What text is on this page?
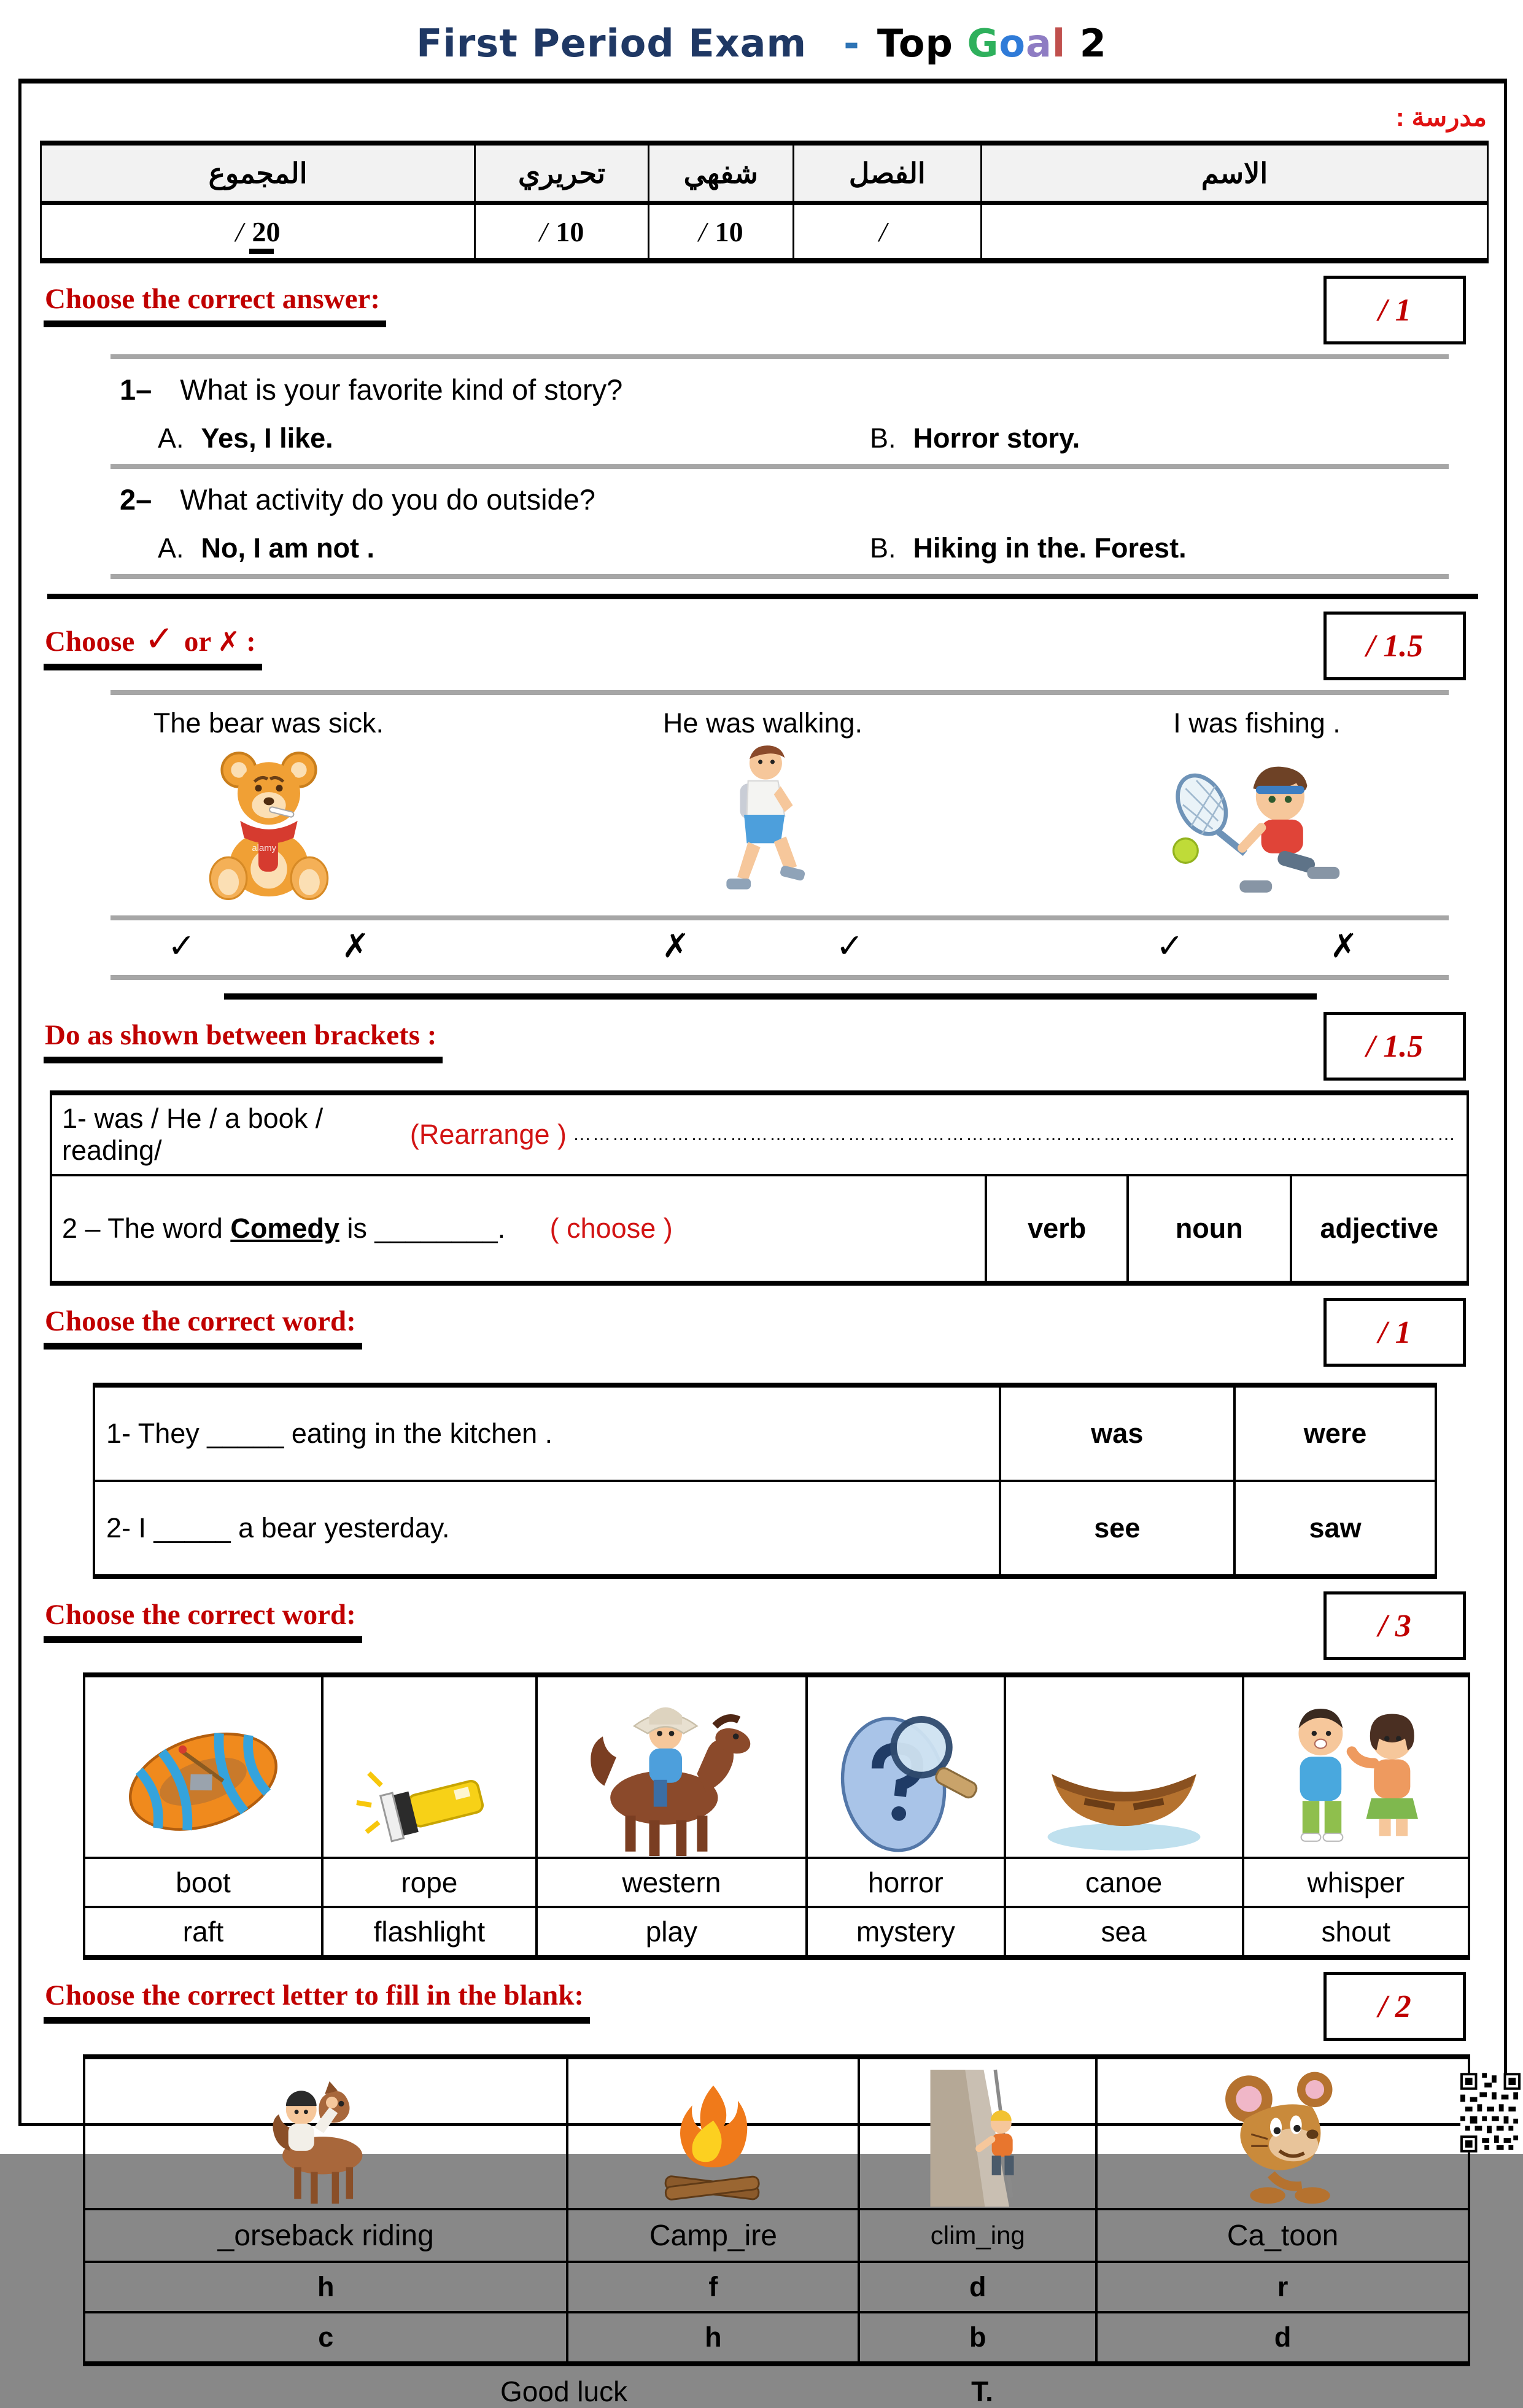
First Period Exam - Top Goal 2
مدرسة :
المجموع	تحريري	شفهي	الفصل	الاسم
/ 20	/ 10	/ 10	/	
Choose the correct answer:	/ 1
1– What is your favorite kind of story?
A. Yes, I like.	B. Horror story.
2– What activity do you do outside?
A. No, I am not .	B. Hiking in the. Forest.
Choose ✓ or ✗ :	/ 1.5
The bear was sick.	He was walking.	I was fishing .
alamy
✓	✗	✗	✓	✓	✗
Do as shown between brackets :	/ 1.5
1- was / He / a book / reading/
(Rearrange ) ………………………………………………………………………………………………………………………

2 – The word Comedy is ________. ( choose )	verb	noun	adjective
Choose the correct word:	/ 1
1- They _____ eating in the kitchen .	was	were
2- I _____ a bear yesterday.	see	saw
Choose the correct word:	/ 3

boot	rope	western	horror	canoe	whisper
raft	flashlight	play	mystery	sea	shout
Choose the correct letter to fill in the blank:	/ 2

_orseback riding	Camp_ire	clim_ing	Ca_toon
h	f	d	r
c	h	b	d
Good luck	T.
